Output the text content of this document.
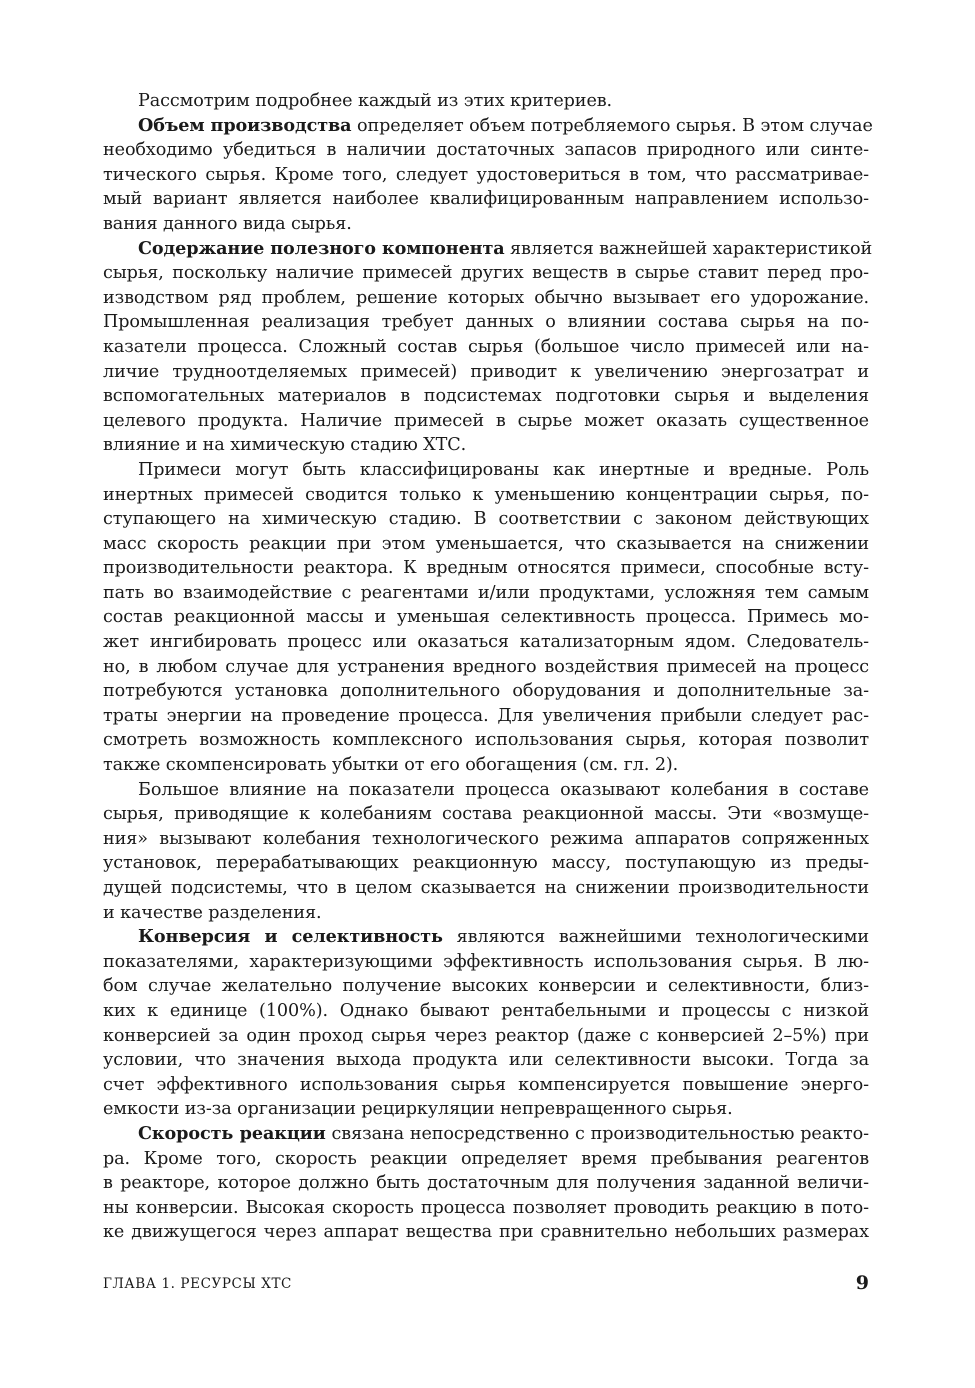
Рассмотрим подробнее каждый из этих критериев.
Объем производства определяет объем потребляемого сырья. В этом случае
необходимо убедиться в наличии достаточных запасов природного или синте-
тического сырья. Кроме того, следует удостовериться в том, что рассматривае-
мый вариант является наиболее квалифицированным направлением использо-
вания данного вида сырья.
Содержание полезного компонента является важнейшей характеристикой
сырья, поскольку наличие примесей других веществ в сырье ставит перед про-
изводством ряд проблем, решение которых обычно вызывает его удорожание.
Промышленная реализация требует данных о влиянии состава сырья на по-
казатели процесса. Сложный состав сырья (большое число примесей или на-
личие трудноотделяемых примесей) приводит к увеличению энергозатрат и
вспомогательных материалов в подсистемах подготовки сырья и выделения
целевого продукта. Наличие примесей в сырье может оказать существенное
влияние и на химическую стадию ХТС.
Примеси могут быть классифицированы как инертные и вредные. Роль
инертных примесей сводится только к уменьшению концентрации сырья, по-
ступающего на химическую стадию. В соответствии с законом действующих
масс скорость реакции при этом уменьшается, что сказывается на снижении
производительности реактора. К вредным относятся примеси, способные всту-
пать во взаимодействие с реагентами и/или продуктами, усложняя тем самым
состав реакционной массы и уменьшая селективность процесса. Примесь мо-
жет ингибировать процесс или оказаться катализаторным ядом. Следователь-
но, в любом случае для устранения вредного воздействия примесей на процесс
потребуются установка дополнительного оборудования и дополнительные за-
траты энергии на проведение процесса. Для увеличения прибыли следует рас-
смотреть возможность комплексного использования сырья, которая позволит
также скомпенсировать убытки от его обогащения (см. гл. 2).
Большое влияние на показатели процесса оказывают колебания в составе
сырья, приводящие к колебаниям состава реакционной массы. Эти «возмуще-
ния» вызывают колебания технологического режима аппаратов сопряженных
установок, перерабатывающих реакционную массу, поступающую из преды-
дущей подсистемы, что в целом сказывается на снижении производительности
и качестве разделения.
Конверсия и селективность являются важнейшими технологическими
показателями, характеризующими эффективность использования сырья. В лю-
бом случае желательно получение высоких конверсии и селективности, близ-
ких к единице (100%). Однако бывают рентабельными и процессы с низкой
конверсией за один проход сырья через реактор (даже с конверсией 2–5%) при
условии, что значения выхода продукта или селективности высоки. Тогда за
счет эффективного использования сырья компенсируется повышение энерго-
емкости из-за организации рециркуляции непревращенного сырья.
Скорость реакции связана непосредственно с производительностью реакто-
ра. Кроме того, скорость реакции определяет время пребывания реагентов
в реакторе, которое должно быть достаточным для получения заданной величи-
ны конверсии. Высокая скорость процесса позволяет проводить реакцию в пото-
ке движущегося через аппарат вещества при сравнительно небольших размерах
ГЛАВА 1. РЕСУРСЫ ХТС	9
